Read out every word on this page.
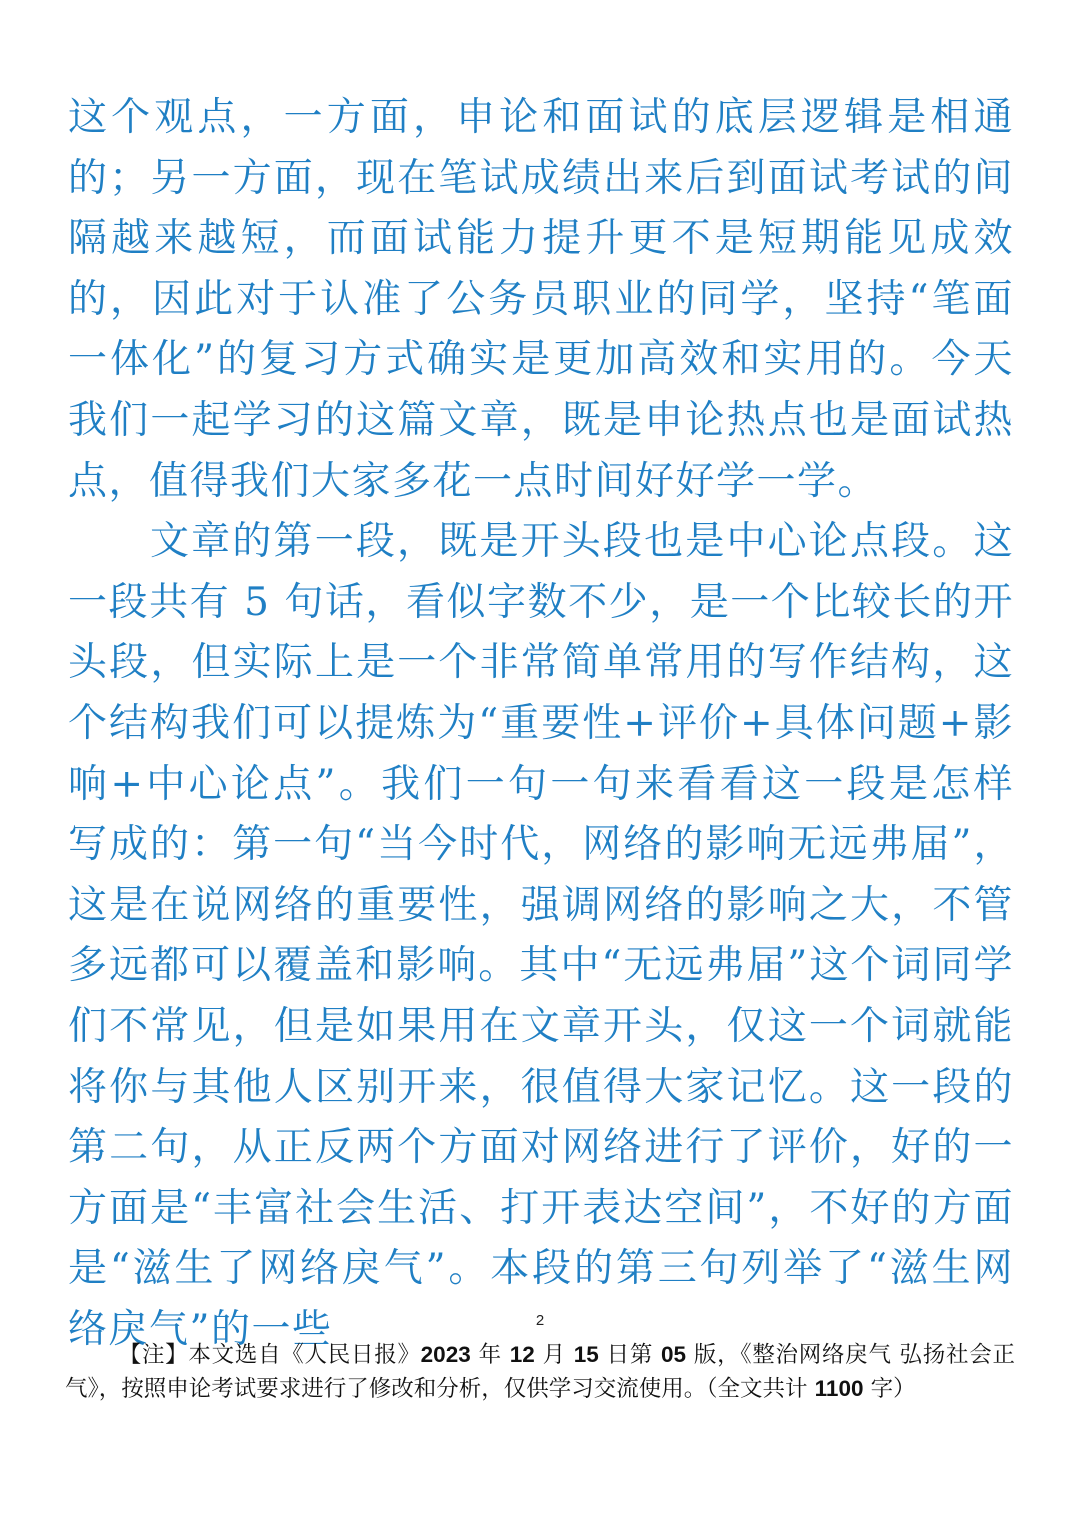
这个观点，一方面，申论和面试的底层逻辑是相通的；另一方面，现在笔试成绩出来后到面试考试的间隔越来越短，而面试能力提升更不是短期能见成效的，因此对于认准了公务员职业的同学，坚持“笔面一体化”的复习方式确实是更加高效和实用的。今天我们一起学习的这篇文章，既是申论热点也是面试热点，值得我们大家多花一点时间好好学一学。

文章的第一段，既是开头段也是中心论点段。这一段共有 5 句话，看似字数不少，是一个比较长的开头段，但实际上是一个非常简单常用的写作结构，这个结构我们可以提炼为“重要性+评价+具体问题+影响+中心论点”。我们一句一句来看看这一段是怎样写成的：第一句“当今时代，网络的影响无远弗届”，这是在说网络的重要性，强调网络的影响之大，不管多远都可以覆盖和影响。其中“无远弗届”这个词同学们不常见，但是如果用在文章开头，仅这一个词就能将你与其他人区别开来，很值得大家记忆。这一段的第二句，从正反两个方面对网络进行了评价，好的一方面是“丰富社会生活、打开表达空间”，不好的方面是“滋生了网络戾气”。本段的第三句列举了“滋生网络戾气”的一些	2
【注】本文选自《人民日报》2023 年 12 月 15 日第 05 版，《整治网络戾气 弘扬社会正气》，按照申论考试要求进行了修改和分析，仅供学习交流使用。（全文共计 1100 字）
